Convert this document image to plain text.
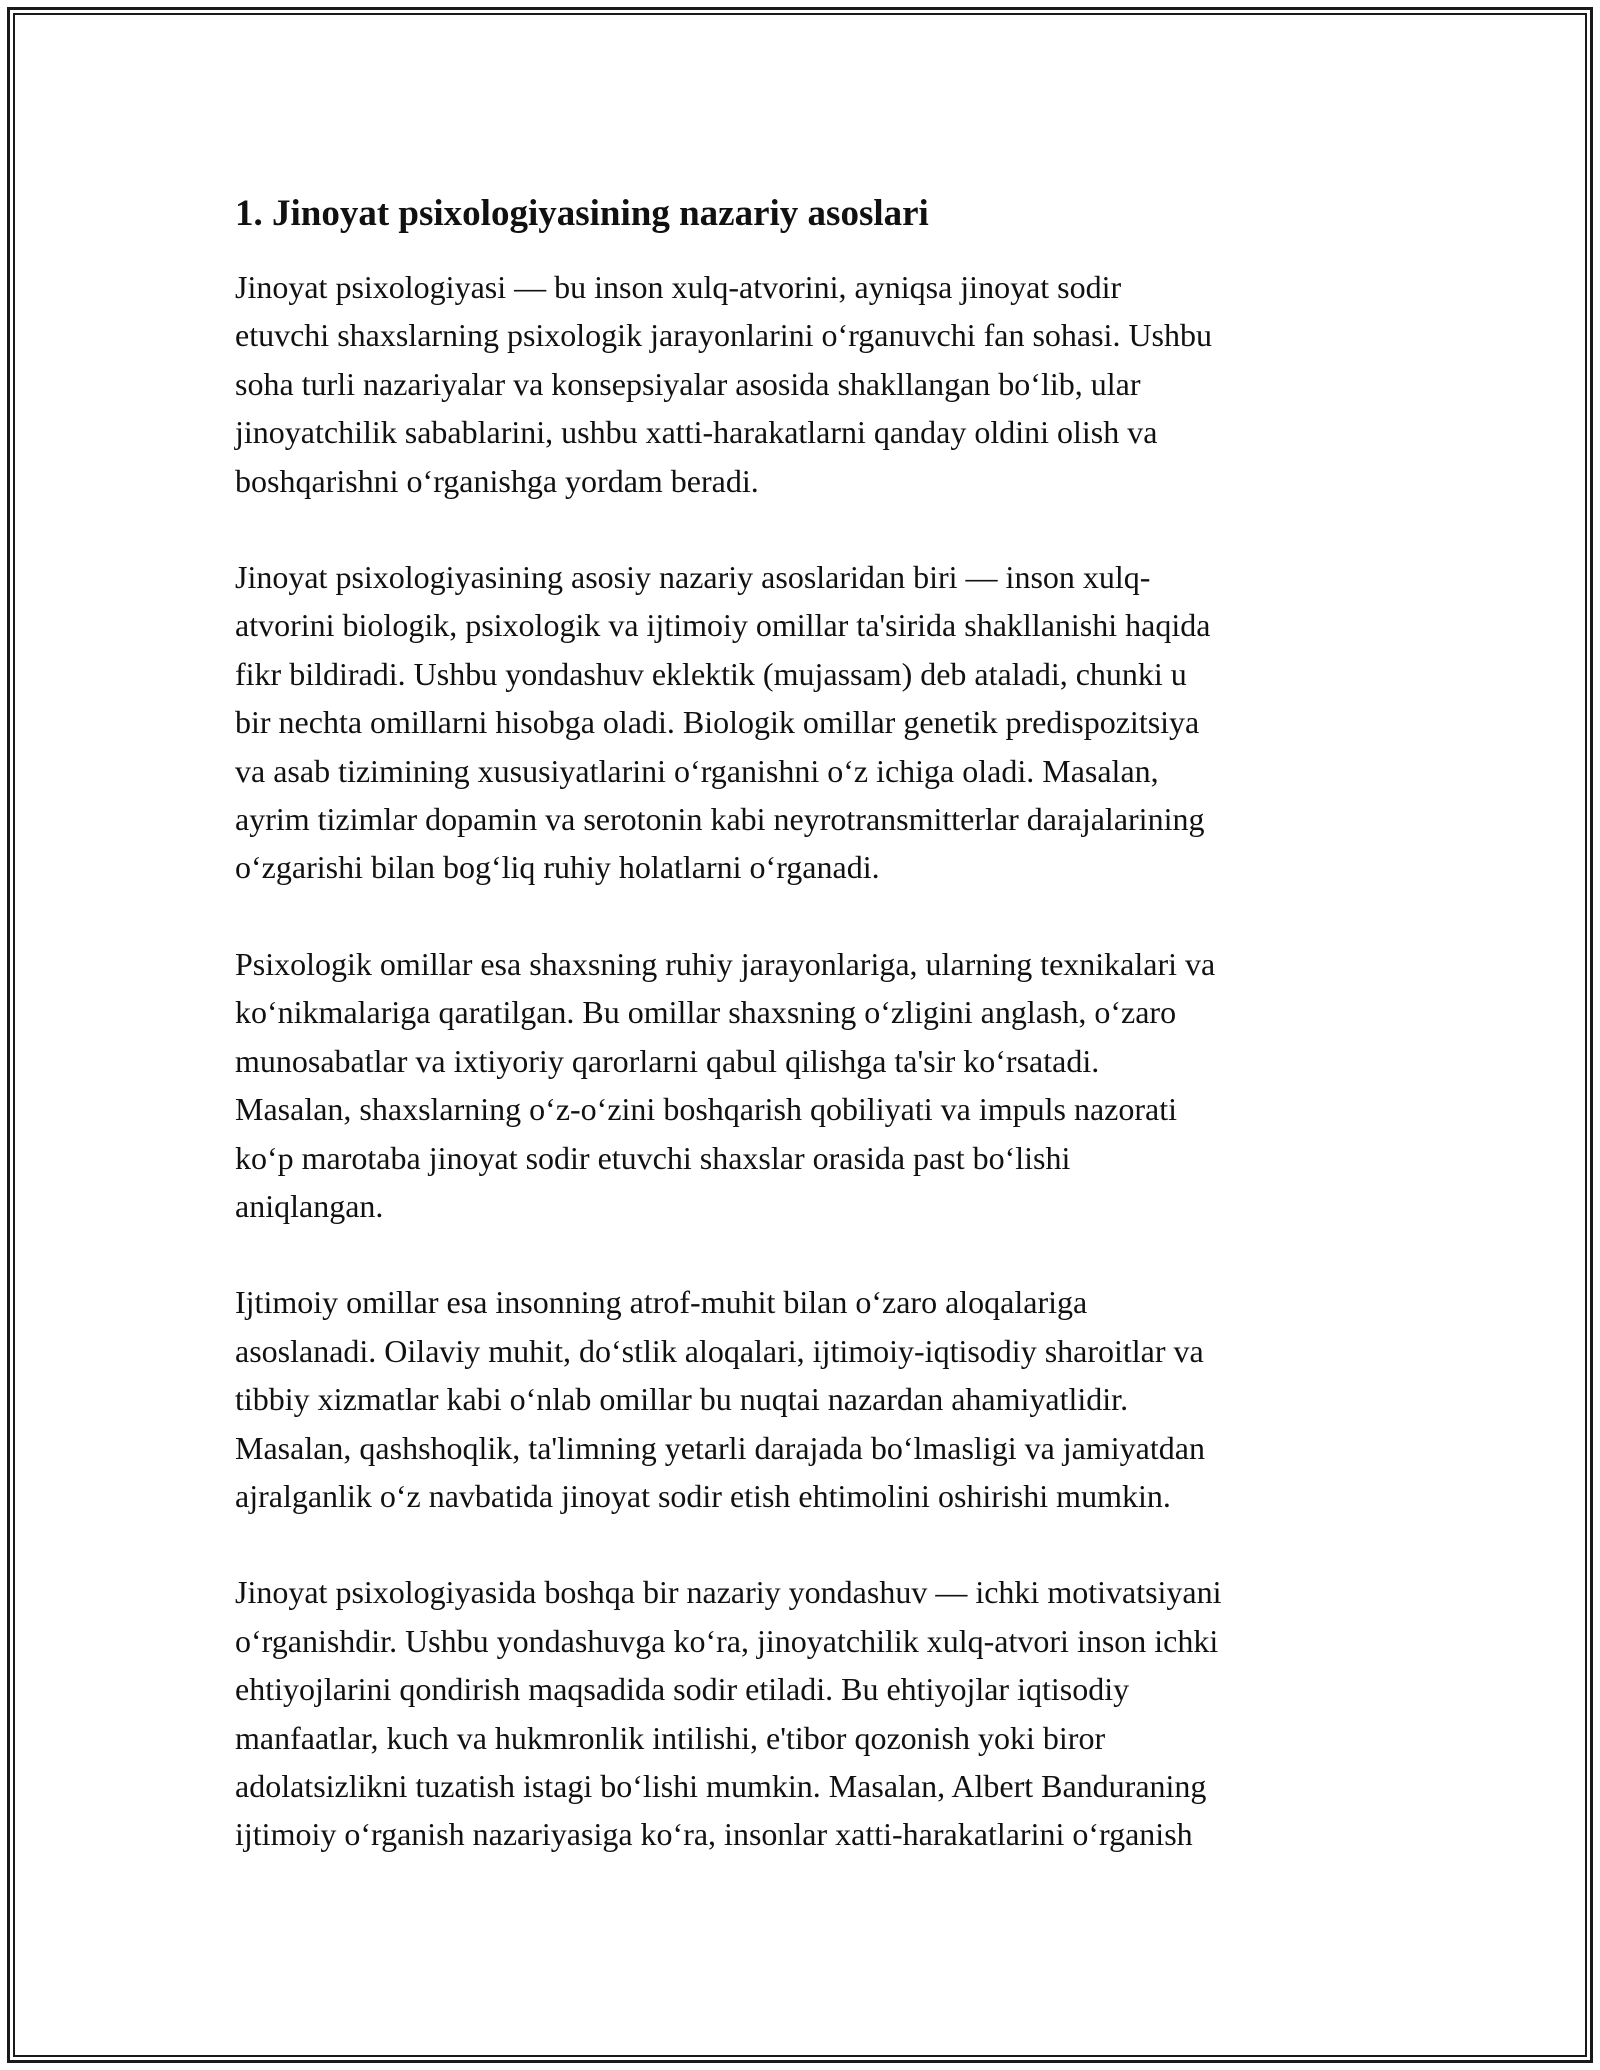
1. Jinoyat psixologiyasining nazariy asoslari

Jinoyat psixologiyasi — bu inson xulq-atvorini, ayniqsa jinoyat sodir
etuvchi shaxslarning psixologik jarayonlarini o‘rganuvchi fan sohasi. Ushbu
soha turli nazariyalar va konsepsiyalar asosida shakllangan bo‘lib, ular
jinoyatchilik sabablarini, ushbu xatti-harakatlarni qanday oldini olish va
boshqarishni o‘rganishga yordam beradi.

Jinoyat psixologiyasining asosiy nazariy asoslaridan biri — inson xulq-
atvorini biologik, psixologik va ijtimoiy omillar ta'sirida shakllanishi haqida
fikr bildiradi. Ushbu yondashuv eklektik (mujassam) deb ataladi, chunki u
bir nechta omillarni hisobga oladi. Biologik omillar genetik predispozitsiya
va asab tizimining xususiyatlarini o‘rganishni o‘z ichiga oladi. Masalan,
ayrim tizimlar dopamin va serotonin kabi neyrotransmitterlar darajalarining
o‘zgarishi bilan bog‘liq ruhiy holatlarni o‘rganadi.

Psixologik omillar esa shaxsning ruhiy jarayonlariga, ularning texnikalari va
ko‘nikmalariga qaratilgan. Bu omillar shaxsning o‘zligini anglash, o‘zaro
munosabatlar va ixtiyoriy qarorlarni qabul qilishga ta'sir ko‘rsatadi.
Masalan, shaxslarning o‘z-o‘zini boshqarish qobiliyati va impuls nazorati
ko‘p marotaba jinoyat sodir etuvchi shaxslar orasida past bo‘lishi
aniqlangan.

Ijtimoiy omillar esa insonning atrof-muhit bilan o‘zaro aloqalariga
asoslanadi. Oilaviy muhit, do‘stlik aloqalari, ijtimoiy-iqtisodiy sharoitlar va
tibbiy xizmatlar kabi o‘nlab omillar bu nuqtai nazardan ahamiyatlidir.
Masalan, qashshoqlik, ta'limning yetarli darajada bo‘lmasligi va jamiyatdan
ajralganlik o‘z navbatida jinoyat sodir etish ehtimolini oshirishi mumkin.

Jinoyat psixologiyasida boshqa bir nazariy yondashuv — ichki motivatsiyani
o‘rganishdir. Ushbu yondashuvga ko‘ra, jinoyatchilik xulq-atvori inson ichki
ehtiyojlarini qondirish maqsadida sodir etiladi. Bu ehtiyojlar iqtisodiy
manfaatlar, kuch va hukmronlik intilishi, e'tibor qozonish yoki biror
adolatsizlikni tuzatish istagi bo‘lishi mumkin. Masalan, Albert Banduraning
ijtimoiy o‘rganish nazariyasiga ko‘ra, insonlar xatti-harakatlarini o‘rganish
